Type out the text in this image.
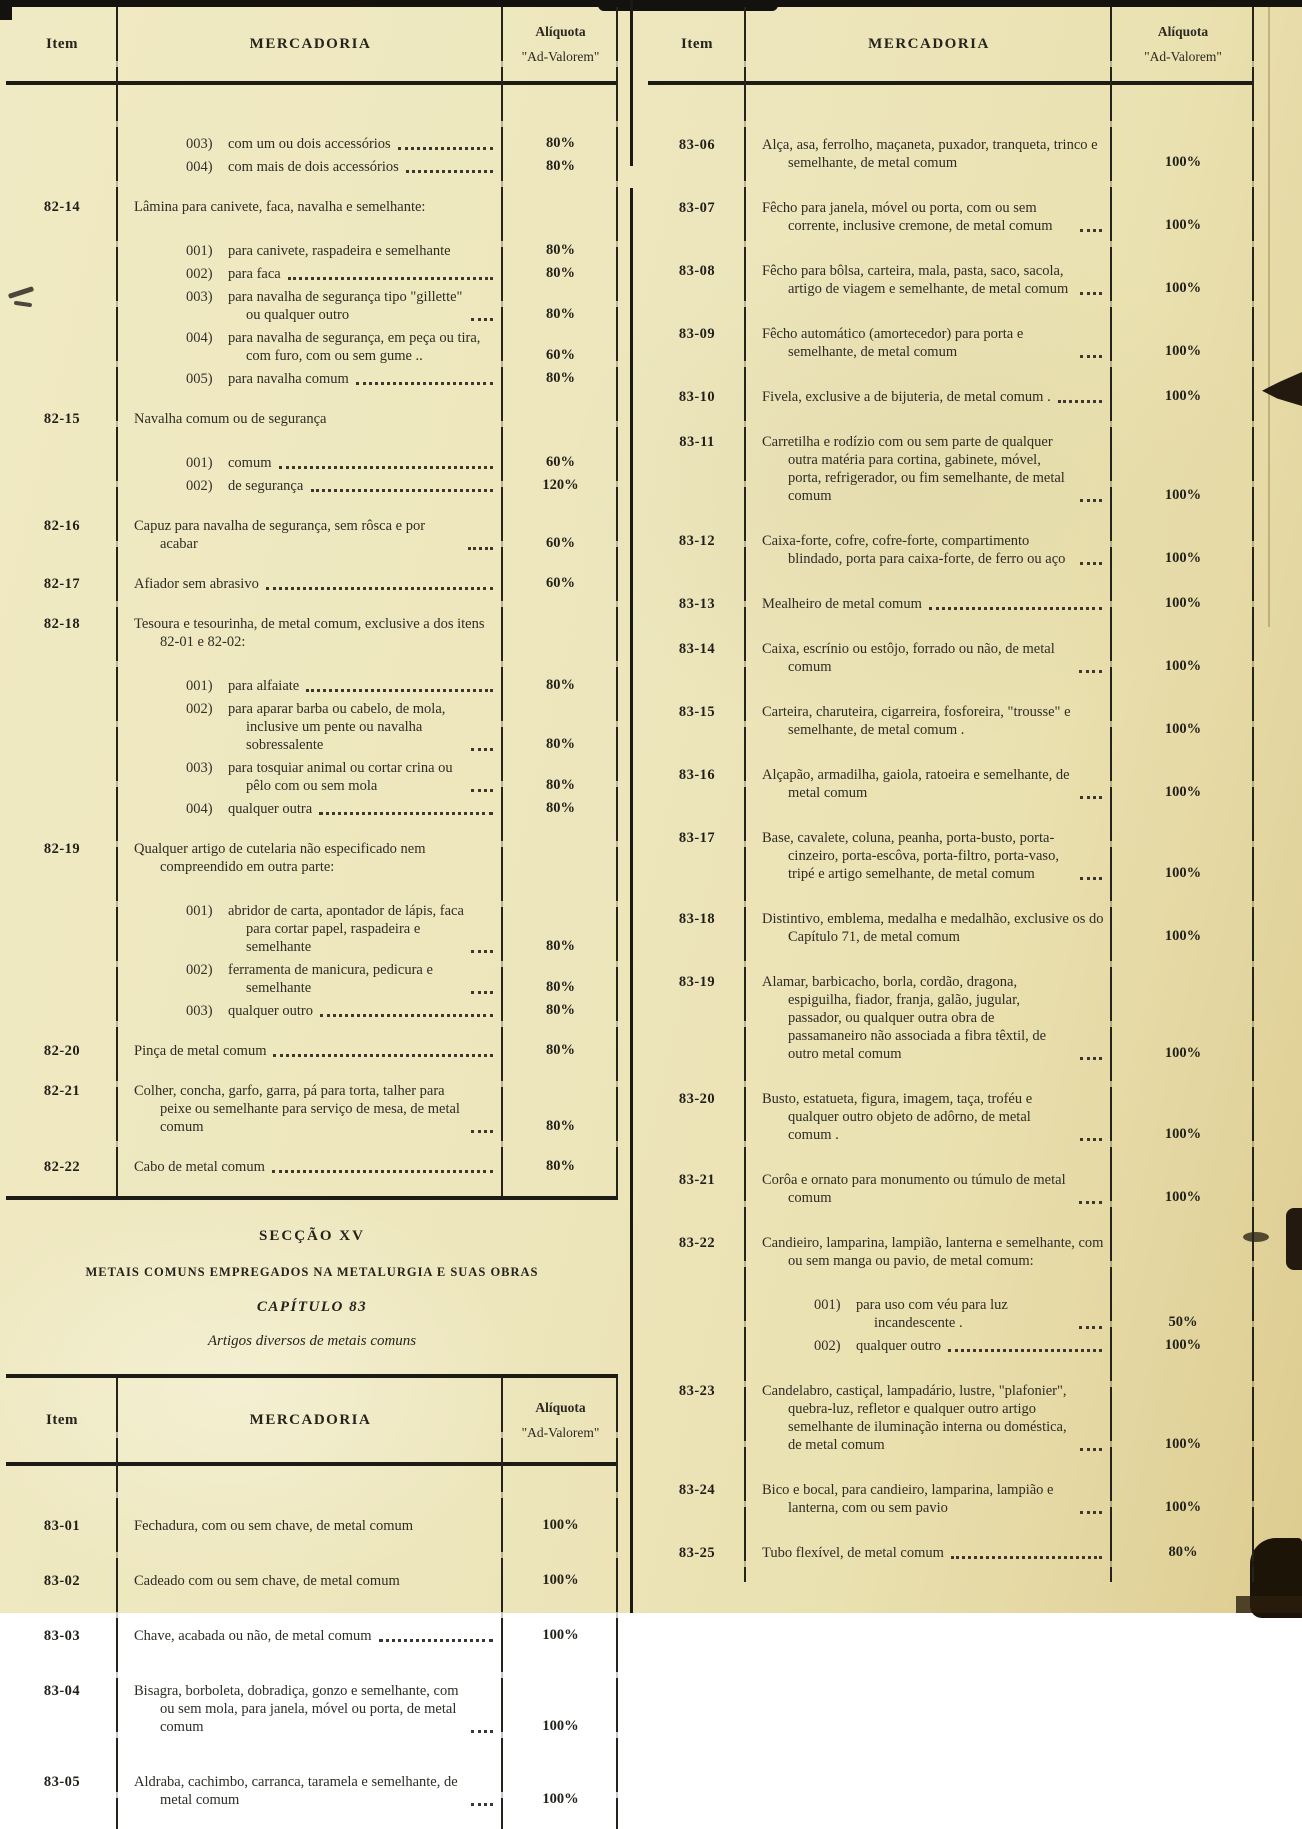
Item	MERCADORIA
Alíquota
"Ad-Valorem"
003)	com um ou dois accessórios	80%
004)	com mais de dois accessórios	80%
82-14	Lâmina para canivete, faca, navalha e semelhante:
001)	para canivete, raspadeira e semelhante	80%
002)	para faca	80%
003)	para navalha de segurança tipo "gillette" ou qualquer outro	80%
004)	para navalha de segurança, em peça ou tira, com furo, com ou sem gume ..	60%
005)	para navalha comum	80%
82-15	Navalha comum ou de segurança
001)	comum	60%
002)	de segurança	120%
82-16	Capuz para navalha de segurança, sem rôsca e por acabar	60%
82-17	Afiador sem abrasivo	60%
82-18	Tesoura e tesourinha, de metal comum, exclusive a dos itens 82-01 e 82-02:
001)	para alfaiate	80%
002)	para aparar barba ou cabelo, de mola, inclusive um pente ou navalha sobressalente	80%
003)	para tosquiar animal ou cortar crina ou pêlo com ou sem mola	80%
004)	qualquer outra	80%
82-19	Qualquer artigo de cutelaria não especificado nem compreendido em outra parte:
001)	abridor de carta, apontador de lápis, faca para cortar papel, raspadeira e semelhante	80%
002)	ferramenta de manicura, pedicura e semelhante	80%
003)	qualquer outro	80%
82-20	Pinça de metal comum	80%
82-21	Colher, concha, garfo, garra, pá para torta, talher para peixe ou semelhante para serviço de mesa, de metal comum	80%
82-22	Cabo de metal comum	80%
SECÇÃO XV
METAIS COMUNS EMPREGADOS NA METALURGIA E SUAS OBRAS
CAPÍTULO 83
Artigos diversos de metais comuns
Item	MERCADORIA
Alíquota
"Ad-Valorem"
83-01	Fechadura, com ou sem chave, de metal comum	100%
83-02	Cadeado com ou sem chave, de metal comum	100%
83-03	Chave, acabada ou não, de metal comum	100%
83-04	Bisagra, borboleta, dobradiça, gonzo e semelhante, com ou sem mola, para janela, móvel ou porta, de metal comum	100%
83-05	Aldraba, cachimbo, carranca, taramela e semelhante, de metal comum	100%
Item	MERCADORIA
Alíquota
"Ad-Valorem"
83-06	Alça, asa, ferrolho, maçaneta, puxador, tranqueta, trinco e semelhante, de metal comum	100%
83-07	Fêcho para janela, móvel ou porta, com ou sem corrente, inclusive cremone, de metal comum	100%
83-08	Fêcho para bôlsa, carteira, mala, pasta, saco, sacola, artigo de viagem e semelhante, de metal comum	100%
83-09	Fêcho automático (amortecedor) para porta e semelhante, de metal comum	100%
83-10	Fivela, exclusive a de bijuteria, de metal comum .	100%
83-11	Carretilha e rodízio com ou sem parte de qualquer outra matéria para cortina, gabinete, móvel, porta, refrigerador, ou fim semelhante, de metal comum	100%
83-12	Caixa-forte, cofre, cofre-forte, compartimento blindado, porta para caixa-forte, de ferro ou aço	100%
83-13	Mealheiro de metal comum	100%
83-14	Caixa, escrínio ou estôjo, forrado ou não, de metal comum	100%
83-15	Carteira, charuteira, cigarreira, fosforeira, "trousse" e semelhante, de metal comum .	100%
83-16	Alçapão, armadilha, gaiola, ratoeira e semelhante, de metal comum	100%
83-17	Base, cavalete, coluna, peanha, porta-busto, porta-cinzeiro, porta-escôva, porta-filtro, porta-vaso, tripé e artigo semelhante, de metal comum	100%
83-18	Distintivo, emblema, medalha e medalhão, exclusive os do Capítulo 71, de metal comum	100%
83-19	Alamar, barbicacho, borla, cordão, dragona, espiguilha, fiador, franja, galão, jugular, passador, ou qualquer outra obra de passamaneiro não associada a fibra têxtil, de outro metal comum	100%
83-20	Busto, estatueta, figura, imagem, taça, troféu e qualquer outro objeto de adôrno, de metal comum .	100%
83-21	Corôa e ornato para monumento ou túmulo de metal comum	100%
83-22	Candieiro, lamparina, lampião, lanterna e semelhante, com ou sem manga ou pavio, de metal comum:
001)	para uso com véu para luz incandescente .	50%
002)	qualquer outro	100%
83-23	Candelabro, castiçal, lampadário, lustre, "plafonier", quebra-luz, refletor e qualquer outro artigo semelhante de iluminação interna ou doméstica, de metal comum	100%
83-24	Bico e bocal, para candieiro, lamparina, lampião e lanterna, com ou sem pavio	100%
83-25	Tubo flexível, de metal comum	80%
